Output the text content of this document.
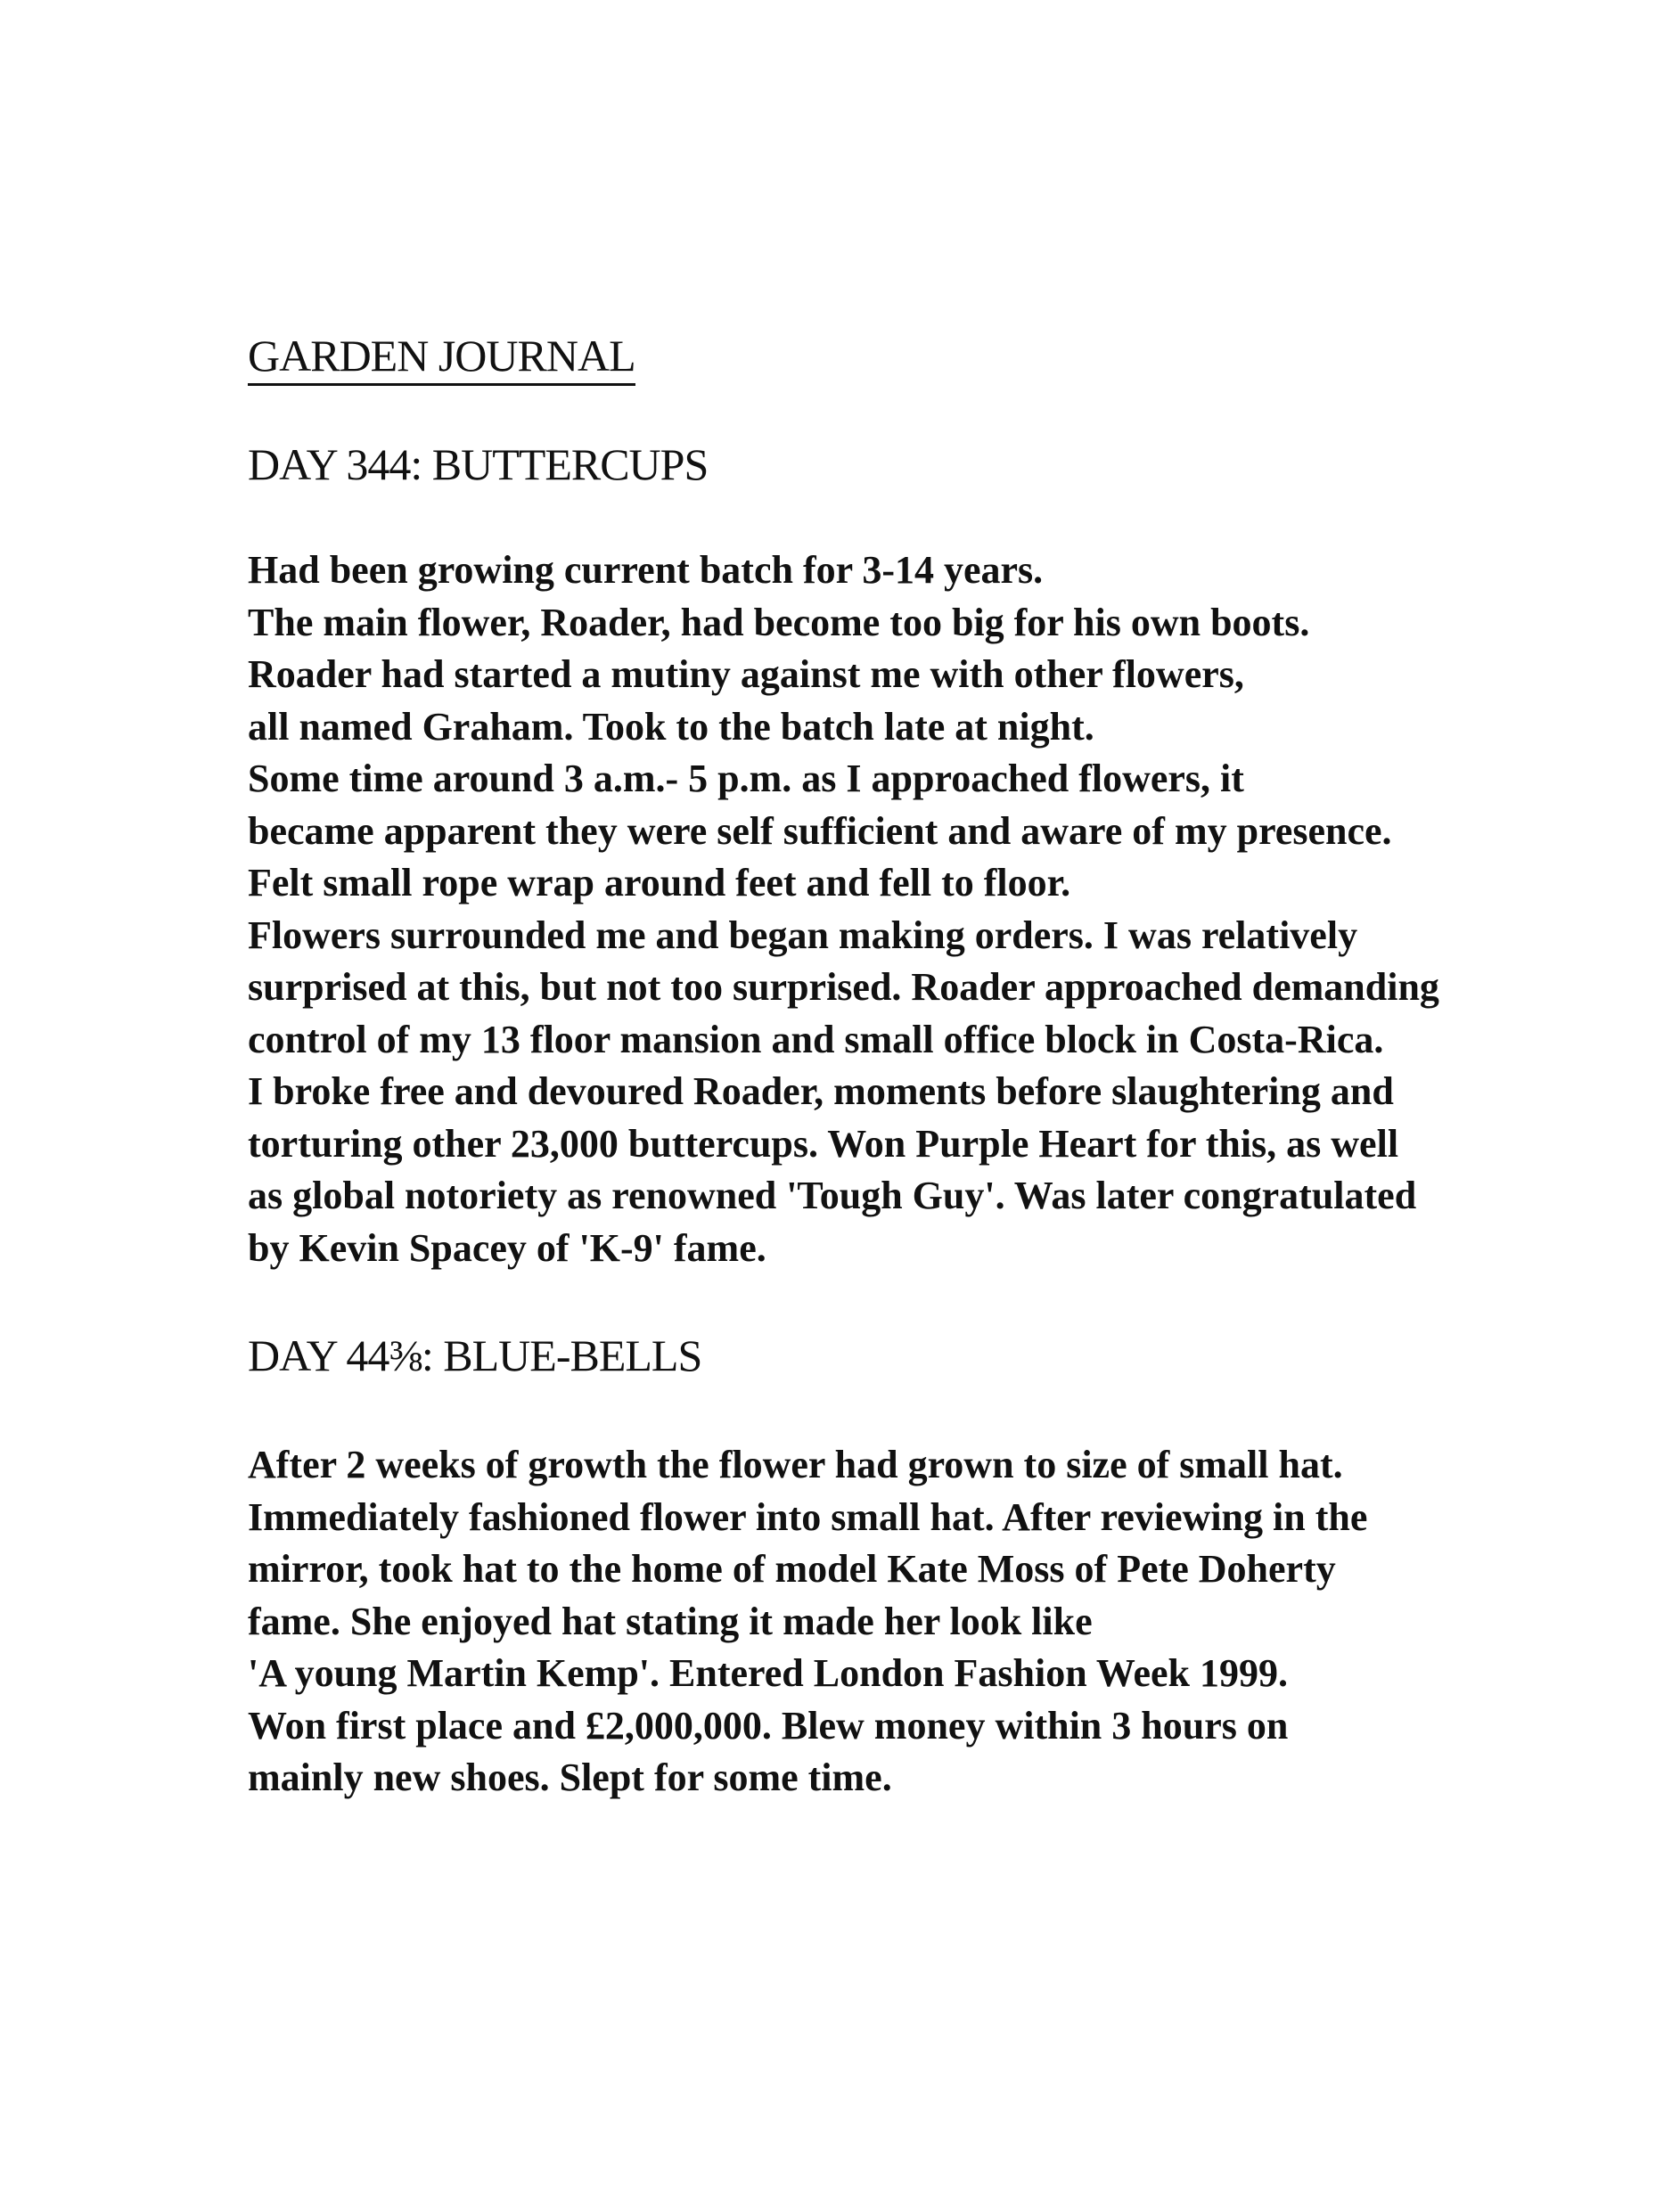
GARDEN JOURNAL
DAY 344: BUTTERCUPS
Had been growing current batch for 3-14 years.
The main flower, Roader, had become too big for his own boots.
Roader had started a mutiny against me with other flowers,
all named Graham. Took to the batch late at night.
Some time around 3 a.m.- 5 p.m. as I approached flowers, it
became apparent they were self sufficient and aware of my presence.
Felt small rope wrap around feet and fell to floor.
Flowers surrounded me and began making orders. I was relatively
surprised at this, but not too surprised. Roader approached demanding
control of my 13 floor mansion and small office block in Costa-Rica.
I broke free and devoured Roader, moments before slaughtering and
torturing other 23,000 buttercups. Won Purple Heart for this, as well
as global notoriety as renowned 'Tough Guy'. Was later congratulated
by Kevin Spacey of 'K-9' fame.
DAY 44⅜: BLUE-BELLS
After 2 weeks of growth the flower had grown to size of small hat.
Immediately fashioned flower into small hat. After reviewing in the
mirror, took hat to the home of model Kate Moss of Pete Doherty
fame. She enjoyed hat stating it made her look like
'A young Martin Kemp'. Entered London Fashion Week 1999.
Won first place and £2,000,000. Blew money within 3 hours on
mainly new shoes. Slept for some time.
